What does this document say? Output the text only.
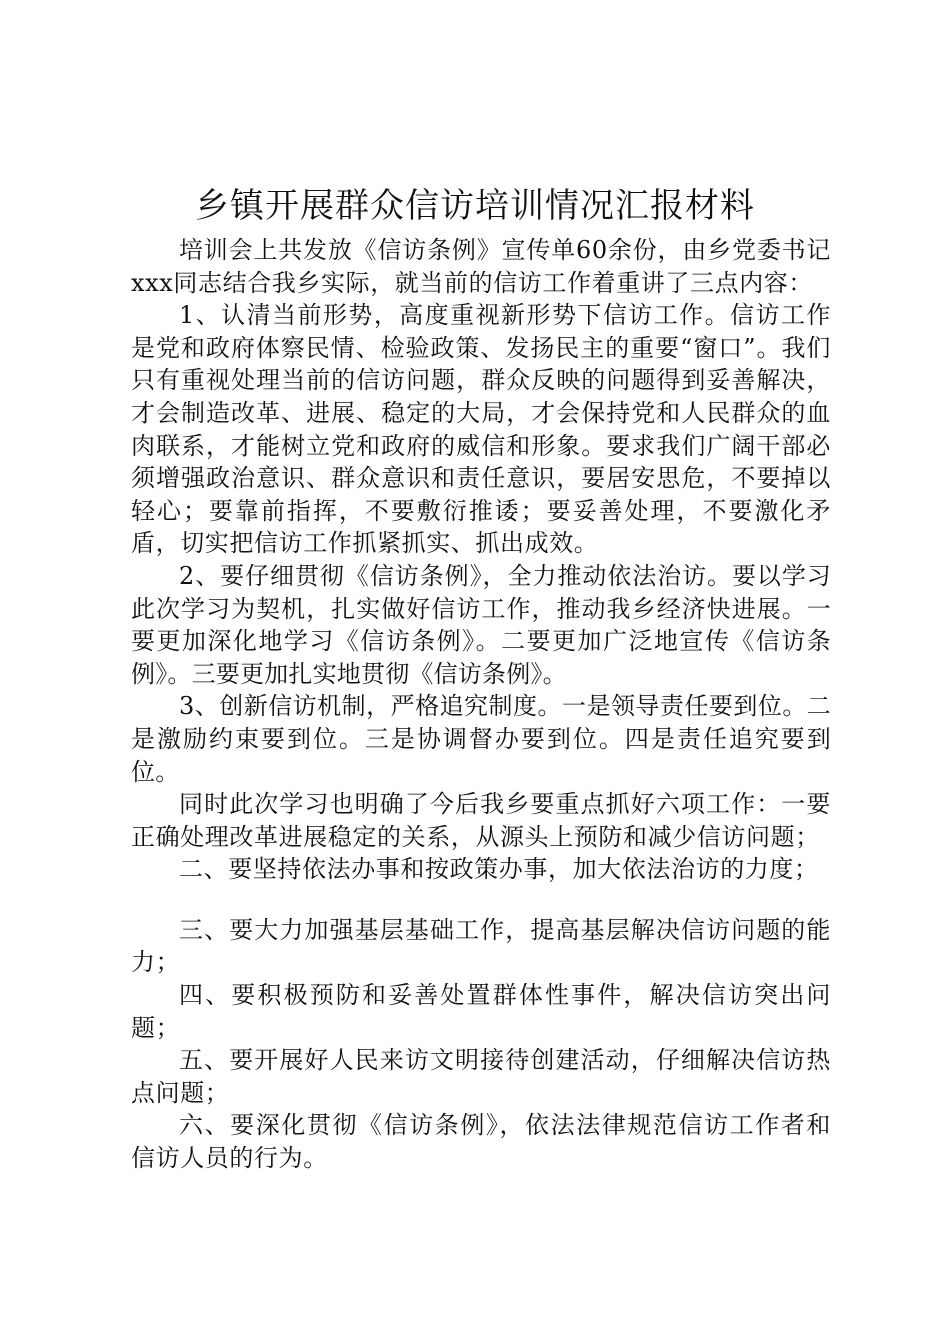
乡镇开展群众信访培训情况汇报材料

培训会上共发放《信访条例》宣传单60余份，由乡党委书记xxx同志结合我乡实际，就当前的信访工作着重讲了三点内容：

1、认清当前形势，高度重视新形势下信访工作。信访工作是党和政府体察民情、检验政策、发扬民主的重要“窗口”。我们只有重视处理当前的信访问题，群众反映的问题得到妥善解决，才会制造改革、进展、稳定的大局，才会保持党和人民群众的血肉联系，才能树立党和政府的威信和形象。要求我们广阔干部必须增强政治意识、群众意识和责任意识，要居安思危，不要掉以轻心；要靠前指挥，不要敷衍推诿；要妥善处理，不要激化矛盾，切实把信访工作抓紧抓实、抓出成效。

2、要仔细贯彻《信访条例》，全力推动依法治访。要以学习此次学习为契机，扎实做好信访工作，推动我乡经济快进展。一要更加深化地学习《信访条例》。二要更加广泛地宣传《信访条例》。三要更加扎实地贯彻《信访条例》。

3、创新信访机制，严格追究制度。一是领导责任要到位。二是激励约束要到位。三是协调督办要到位。四是责任追究要到位。

同时此次学习也明确了今后我乡要重点抓好六项工作：一要正确处理改革进展稳定的关系，从源头上预防和减少信访问题；

二、要坚持依法办事和按政策办事，加大依法治访的力度；

三、要大力加强基层基础工作，提高基层解决信访问题的能力；

四、要积极预防和妥善处置群体性事件，解决信访突出问题；

五、要开展好人民来访文明接待创建活动，仔细解决信访热点问题；

六、要深化贯彻《信访条例》，依法法律规范信访工作者和信访人员的行为。
